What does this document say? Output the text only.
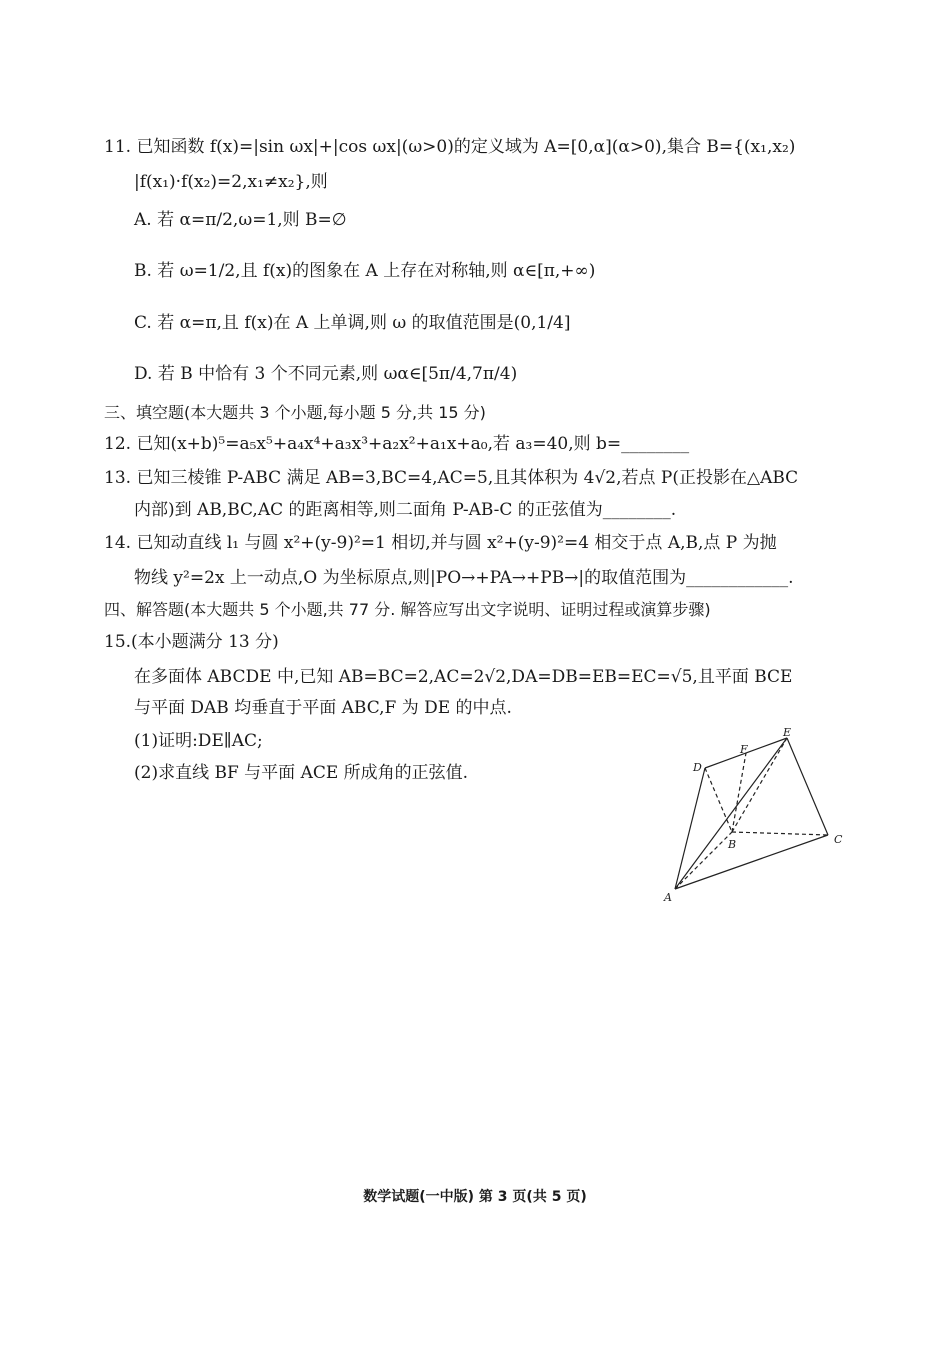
11. 已知函数 f(x)=|sin ωx|+|cos ωx|(ω>0)的定义域为 A=[0,α](α>0),集合 B={(x₁,x₂)
|f(x₁)·f(x₂)=2,x₁≠x₂},则
A. 若 α=π/2,ω=1,则 B=∅
B. 若 ω=1/2,且 f(x)的图象在 A 上存在对称轴,则 α∈[π,+∞)
C. 若 α=π,且 f(x)在 A 上单调,则 ω 的取值范围是(0,1/4]
D. 若 B 中恰有 3 个不同元素,则 ωα∈[5π/4,7π/4)
三、填空题(本大题共 3 个小题,每小题 5 分,共 15 分)
12. 已知(x+b)⁵=a₅x⁵+a₄x⁴+a₃x³+a₂x²+a₁x+a₀,若 a₃=40,则 b=________
13. 已知三棱锥 P-ABC 满足 AB=3,BC=4,AC=5,且其体积为 4√2,若点 P(正投影在△ABC
内部)到 AB,BC,AC 的距离相等,则二面角 P-AB-C 的正弦值为________.
14. 已知动直线 l₁ 与圆 x²+(y-9)²=1 相切,并与圆 x²+(y-9)²=4 相交于点 A,B,点 P 为抛
物线 y²=2x 上一动点,O 为坐标原点,则|PO→+PA→+PB→|的取值范围为____________.
四、解答题(本大题共 5 个小题,共 77 分. 解答应写出文字说明、证明过程或演算步骤)
15.(本小题满分 13 分)
在多面体 ABCDE 中,已知 AB=BC=2,AC=2√2,DA=DB=EB=EC=√5,且平面 BCE
与平面 DAB 均垂直于平面 ABC,F 为 DE 的中点.
(1)证明:DE∥AC;
(2)求直线 BF 与平面 ACE 所成角的正弦值.	D
F
E
B	C
A
数学试题(一中版) 第 3 页(共 5 页)
